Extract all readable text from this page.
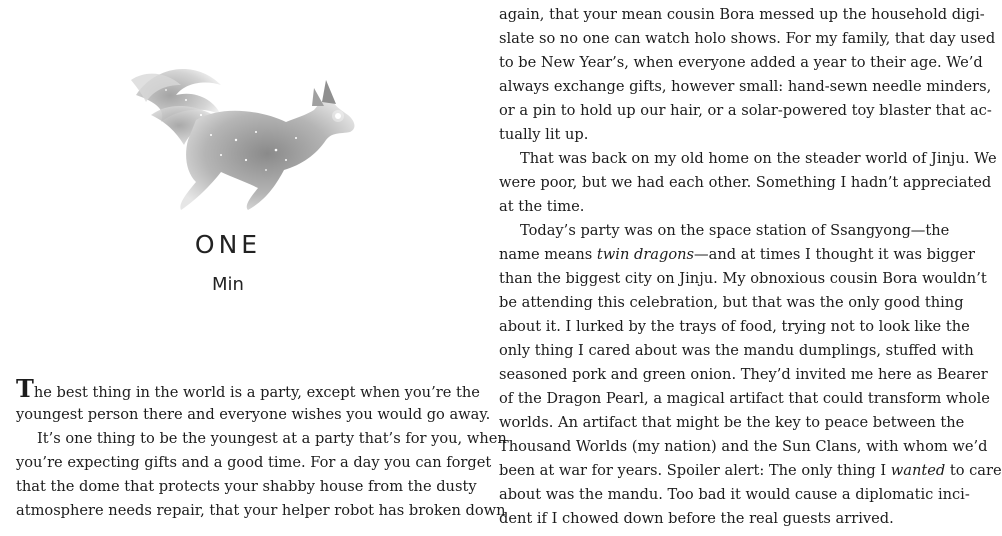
ONE
Min
The best thing in the world is a party, except when you’re the
youngest person there and everyone wishes you would go away.
It’s one thing to be the youngest at a party that’s for you, when
you’re expecting gifts and a good time. For a day you can forget
that the dome that protects your shabby house from the dusty
atmosphere needs repair, that your helper robot has broken down
again, that your mean cousin Bora messed up the household digi-
slate so no one can watch holo shows. For my family, that day used
to be New Year’s, when everyone added a year to their age. We’d
always exchange gifts, however small: hand-sewn needle minders,
or a pin to hold up our hair, or a solar-powered toy blaster that ac-
tually lit up.
That was back on my old home on the steader world of Jinju. We
were poor, but we had each other. Something I hadn’t appreciated
at the time.
Today’s party was on the space station of Ssangyong—the
name means twin dragons—and at times I thought it was bigger
than the biggest city on Jinju. My obnoxious cousin Bora wouldn’t
be attending this celebration, but that was the only good thing
about it. I lurked by the trays of food, trying not to look like the
only thing I cared about was the mandu dumplings, stuffed with
seasoned pork and green onion. They’d invited me here as Bearer
of the Dragon Pearl, a magical artifact that could transform whole
worlds. An artifact that might be the key to peace between the
Thousand Worlds (my nation) and the Sun Clans, with whom we’d
been at war for years. Spoiler alert: The only thing I wanted to care
about was the mandu. Too bad it would cause a diplomatic inci-
dent if I chowed down before the real guests arrived.
